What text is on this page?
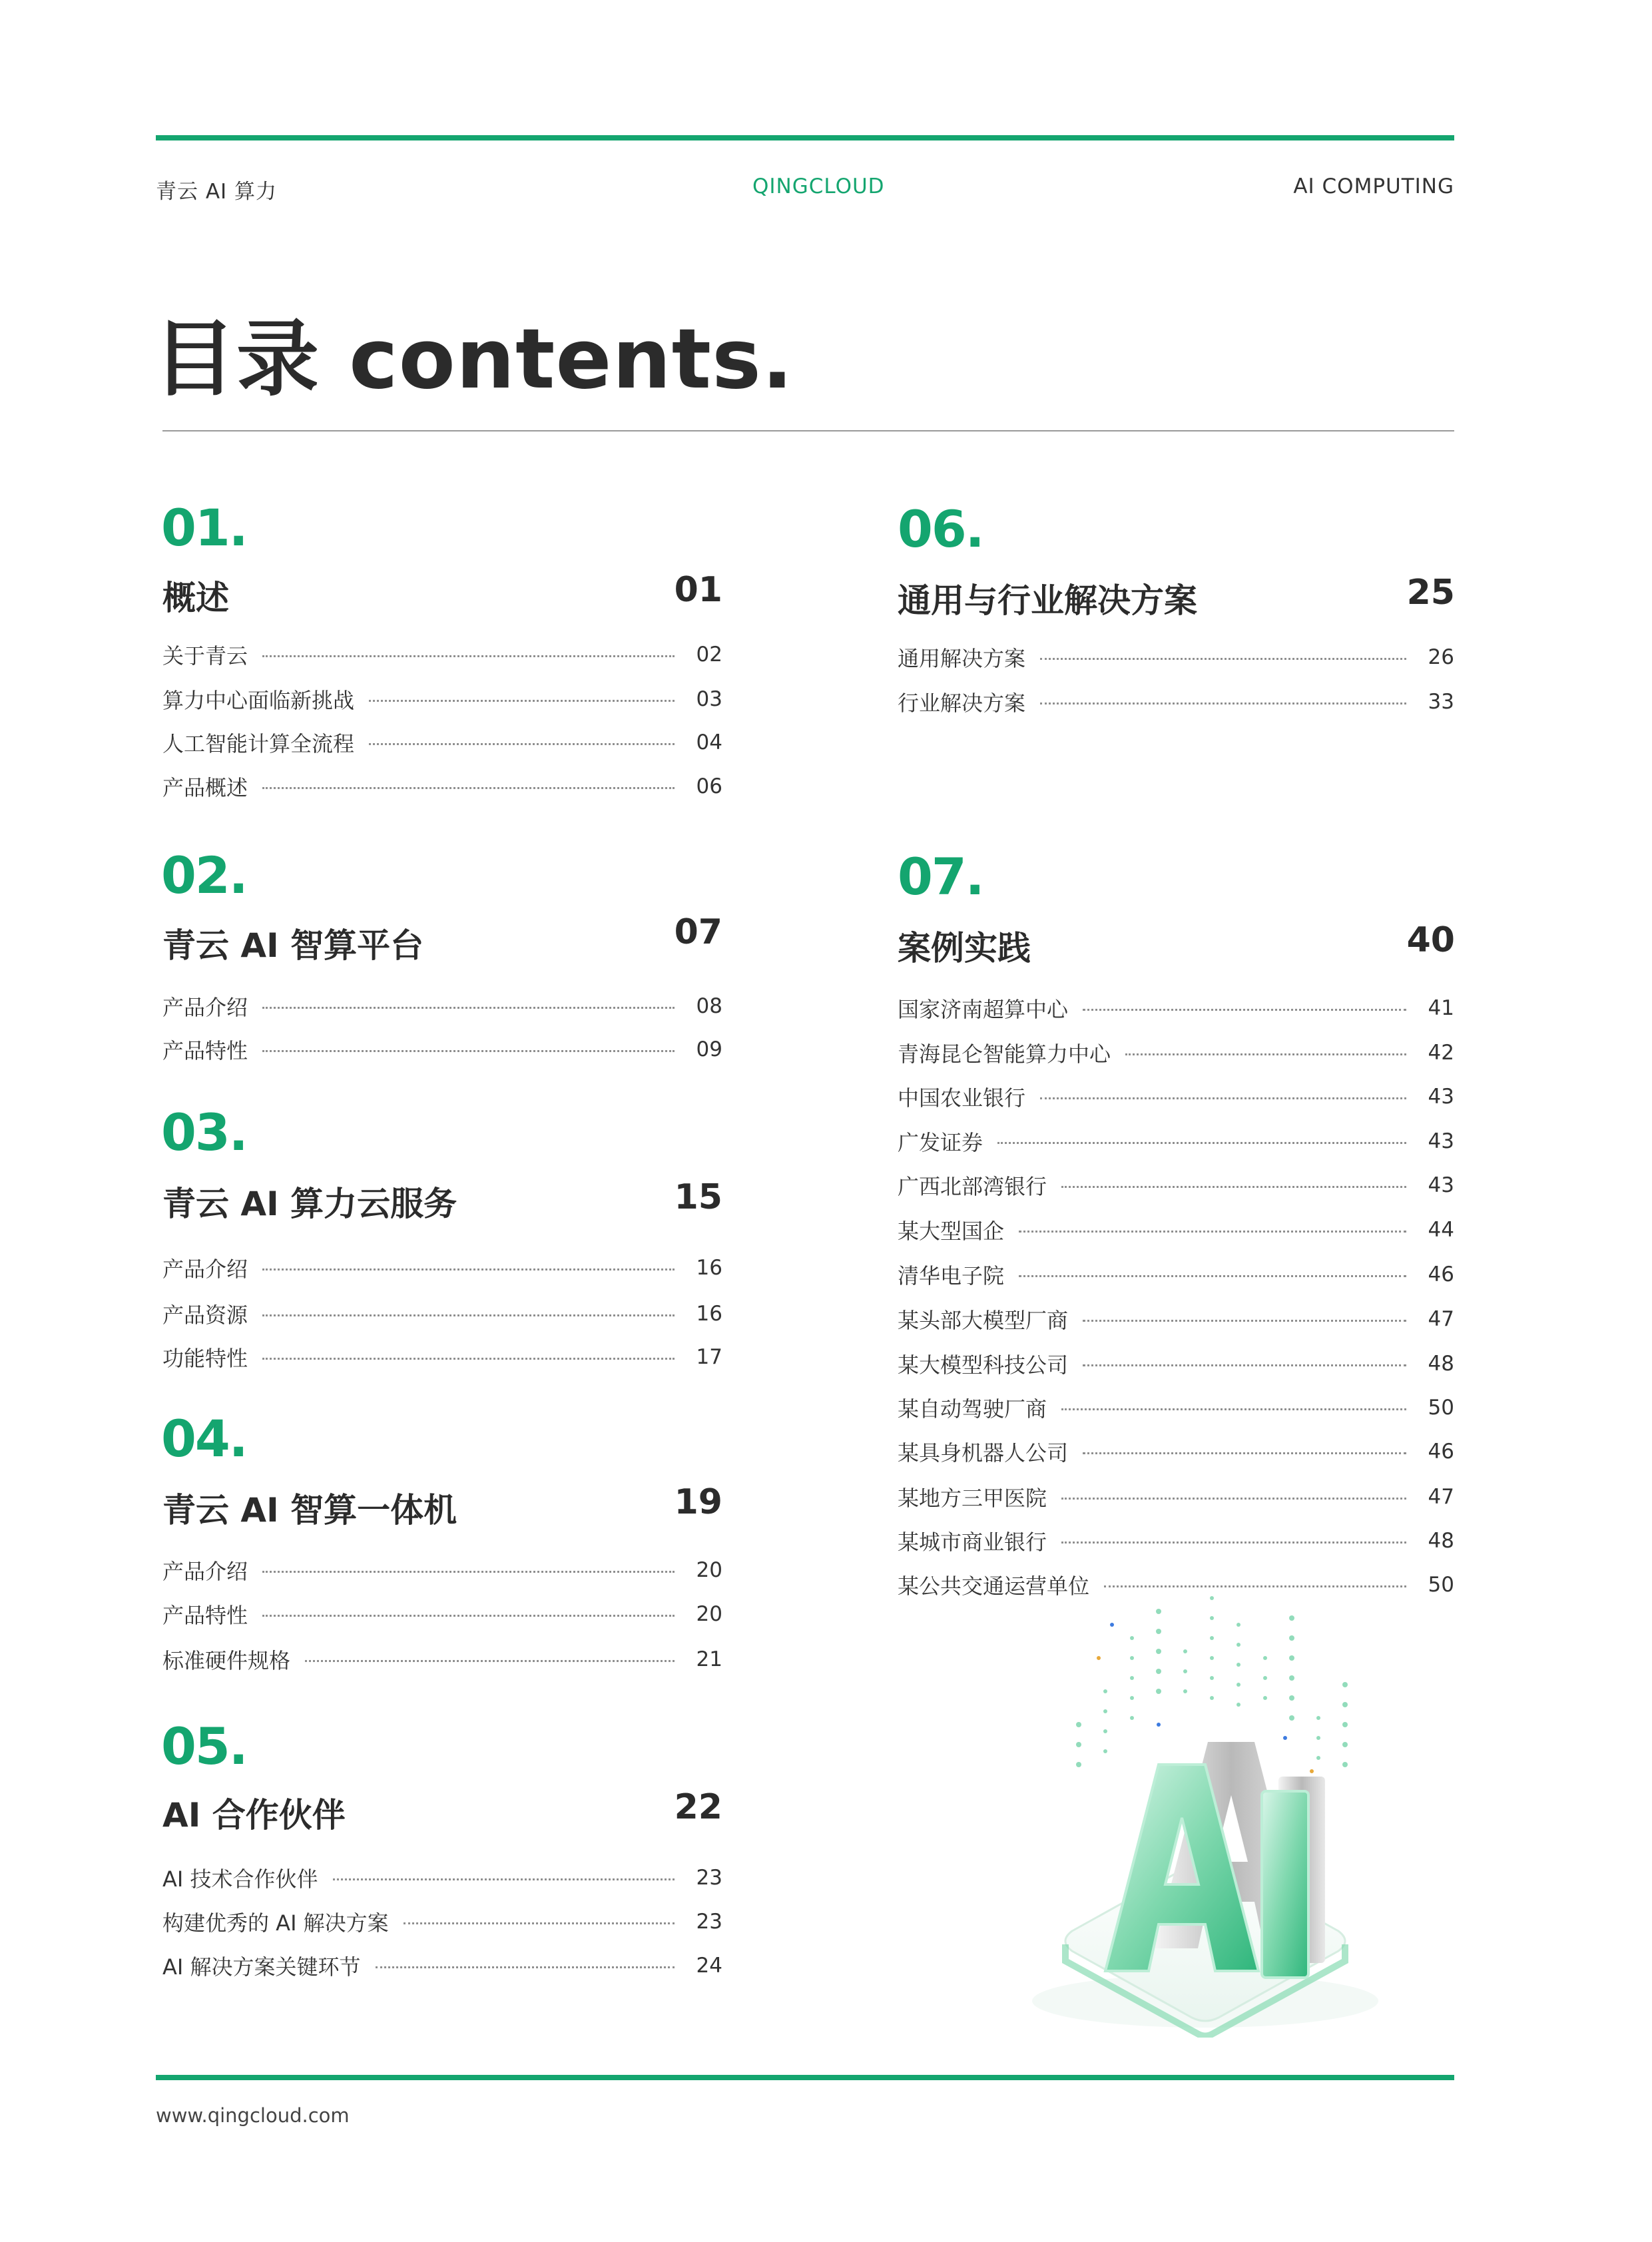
青云 AI 算力	QINGCLOUD	AI COMPUTING
目录 contents.
01.
概述	01
关于青云	02
算力中心面临新挑战	03
人工智能计算全流程	04
产品概述	06
02.
青云 AI 智算平台	07
产品介绍	08
产品特性	09
03.
青云 AI 算力云服务	15
产品介绍	16
产品资源	16
功能特性	17
04.
青云 AI 智算一体机	19
产品介绍	20
产品特性	20
标准硬件规格	21
05.
AI 合作伙伴	22
AI 技术合作伙伴	23
构建优秀的 AI 解决方案	23
AI 解决方案关键环节	24
06.
通用与行业解决方案	25
通用解决方案	26
行业解决方案	33
07.
案例实践	40
国家济南超算中心	41
青海昆仑智能算力中心	42
中国农业银行	43
广发证券	43
广西北部湾银行	43
某大型国企	44
清华电子院	46
某头部大模型厂商	47
某大模型科技公司	48
某自动驾驶厂商	50
某具身机器人公司	46
某地方三甲医院	47
某城市商业银行	48
某公共交通运营单位	50
www.qingcloud.com
